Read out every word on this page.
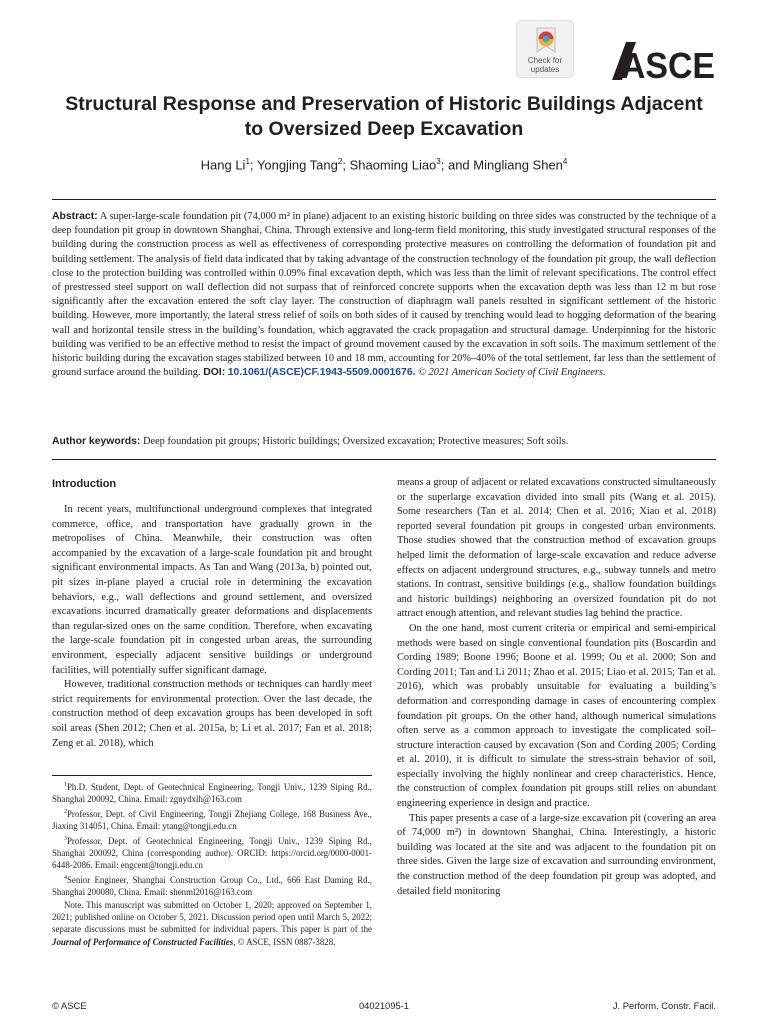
Check for updates	ASCE
Structural Response and Preservation of Historic Buildings Adjacent to Oversized Deep Excavation
Hang Li$^1$; Yongjing Tang$^2$; Shaoming Liao$^3$; and Mingliang Shen$^4$

Abstract: A super-large-scale foundation pit (74,000 m² in plane) adjacent to an existing historic building on three sides was constructed by the technique of a deep foundation pit group in downtown Shanghai, China. Through extensive and long-term field monitoring, this study investigated structural responses of the building during the construction process as well as effectiveness of corresponding protective measures on controlling the deformation of foundation pit and building settlement. The analysis of field data indicated that by taking advantage of the construction technology of the foundation pit group, the wall deflection close to the protection building was controlled within 0.09% final excavation depth, which was less than the limit of relevant specifications. The control effect of prestressed steel support on wall deflection did not surpass that of reinforced concrete supports when the excavation depth was less than 12 m but rose significantly after the excavation entered the soft clay layer. The construction of diaphragm wall panels resulted in significant settlement of the historic building. However, more importantly, the lateral stress relief of soils on both sides of it caused by trenching would lead to hogging deformation of the bearing wall and horizontal tensile stress in the building’s foundation, which aggravated the crack propagation and structural damage. Underpinning for the historic building was verified to be an effective method to resist the impact of ground movement caused by the excavation in soft soils. The maximum settlement of the historic building during the excavation stages stabilized between 10 and 18 mm, accounting for 20%–40% of the total settlement, far less than the settlement of ground surface around the building. DOI: 10.1061/(ASCE)CF.1943-5509.0001676. © 2021 American Society of Civil Engineers.

Author keywords: Deep foundation pit groups; Historic buildings; Oversized excavation; Protective measures; Soft soils.

Introduction

In recent years, multifunctional underground complexes that integrated commerce, office, and transportation have gradually grown in the metropolises of China. Meanwhile, their construction was often accompanied by the excavation of a large-scale foundation pit and brought significant environmental impacts. As Tan and Wang (2013a, b) pointed out, pit sizes in-plane played a crucial role in determining the excavation behaviors, e.g., wall deflections and ground settlement, and oversized excavations incurred dramatically greater deformations and displacements than regular-sized ones on the same condition. Therefore, when excavating the large-scale foundation pit in congested urban areas, the surrounding environment, especially adjacent sensitive buildings or underground facilities, will potentially suffer significant damage.

However, traditional construction methods or techniques can hardly meet strict requirements for environmental protection. Over the last decade, the construction method of deep excavation groups has been developed in soft soil areas (Shen 2012; Chen et al. 2015a, b; Li et al. 2017; Fan et al. 2018; Zeng et al. 2018), which

$^1$Ph.D. Student, Dept. of Geotechnical Engineering, Tongji Univ., 1239 Siping Rd., Shanghai 200092, China. Email: zgnydxlh@163.com

$^2$Professor, Dept. of Civil Engineering, Tongji Zhejiang College, 168 Business Ave., Jiaxing 314051, China. Email: ytang@tongji.edu.cn

$^3$Professor, Dept. of Geotechnical Engineering, Tongji Univ., 1239 Siping Rd., Shanghai 200092, China (corresponding author). ORCID: https://orcid.org/0000-0001-6448-2086. Email: engcent@tongji.edu.cn

$^4$Senior Engineer, Shanghai Construction Group Co., Ltd., 666 East Daming Rd., Shanghai 200080, China. Email: shenml2016@163.com

Note. This manuscript was submitted on October 1, 2020; approved on September 1, 2021; published online on October 5, 2021. Discussion period open until March 5, 2022; separate discussions must be submitted for individual papers. This paper is part of the Journal of Performance of Constructed Facilities, © ASCE, ISSN 0887-3828.

means a group of adjacent or related excavations constructed simultaneously or the superlarge excavation divided into small pits (Wang et al. 2015). Some researchers (Tan et al. 2014; Chen et al. 2016; Xiao et al. 2018) reported several foundation pit groups in congested urban environments. Those studies showed that the construction method of excavation groups helped limit the deformation of large-scale excavation and reduce adverse effects on adjacent underground structures, e.g., subway tunnels and metro stations. In contrast, sensitive buildings (e.g., shallow foundation buildings and historic buildings) neighboring an oversized foundation pit do not attract enough attention, and relevant studies lag behind the practice.

On the one hand, most current criteria or empirical and semi-empirical methods were based on single conventional foundation pits (Boscardin and Cording 1989; Boone 1996; Boone et al. 1999; Ou et al. 2000; Son and Cording 2011; Tan and Li 2011; Zhao et al. 2015; Liao et al. 2015; Tan et al. 2016), which was probably unsuitable for evaluating a building’s deformation and corresponding damage in cases of encountering complex foundation pit groups. On the other hand, although numerical simulations often serve as a common approach to investigate the complicated soil–structure interaction caused by excavation (Son and Cording 2005; Cording et al. 2010), it is difficult to simulate the stress-strain behavior of soil, especially involving the highly nonlinear and creep characteristics. Hence, the construction of complex foundation pit groups still relies on abundant engineering experience in design and practice.

This paper presents a case of a large-size excavation pit (covering an area of 74,000 m²) in downtown Shanghai, China. Interestingly, a historic building was located at the site and was adjacent to the foundation pit on three sides. Given the large size of excavation and surrounding environment, the construction method of the deep foundation pit group was adopted, and detailed field monitoring

© ASCE	04021095-1	J. Perform. Constr. Facil.
